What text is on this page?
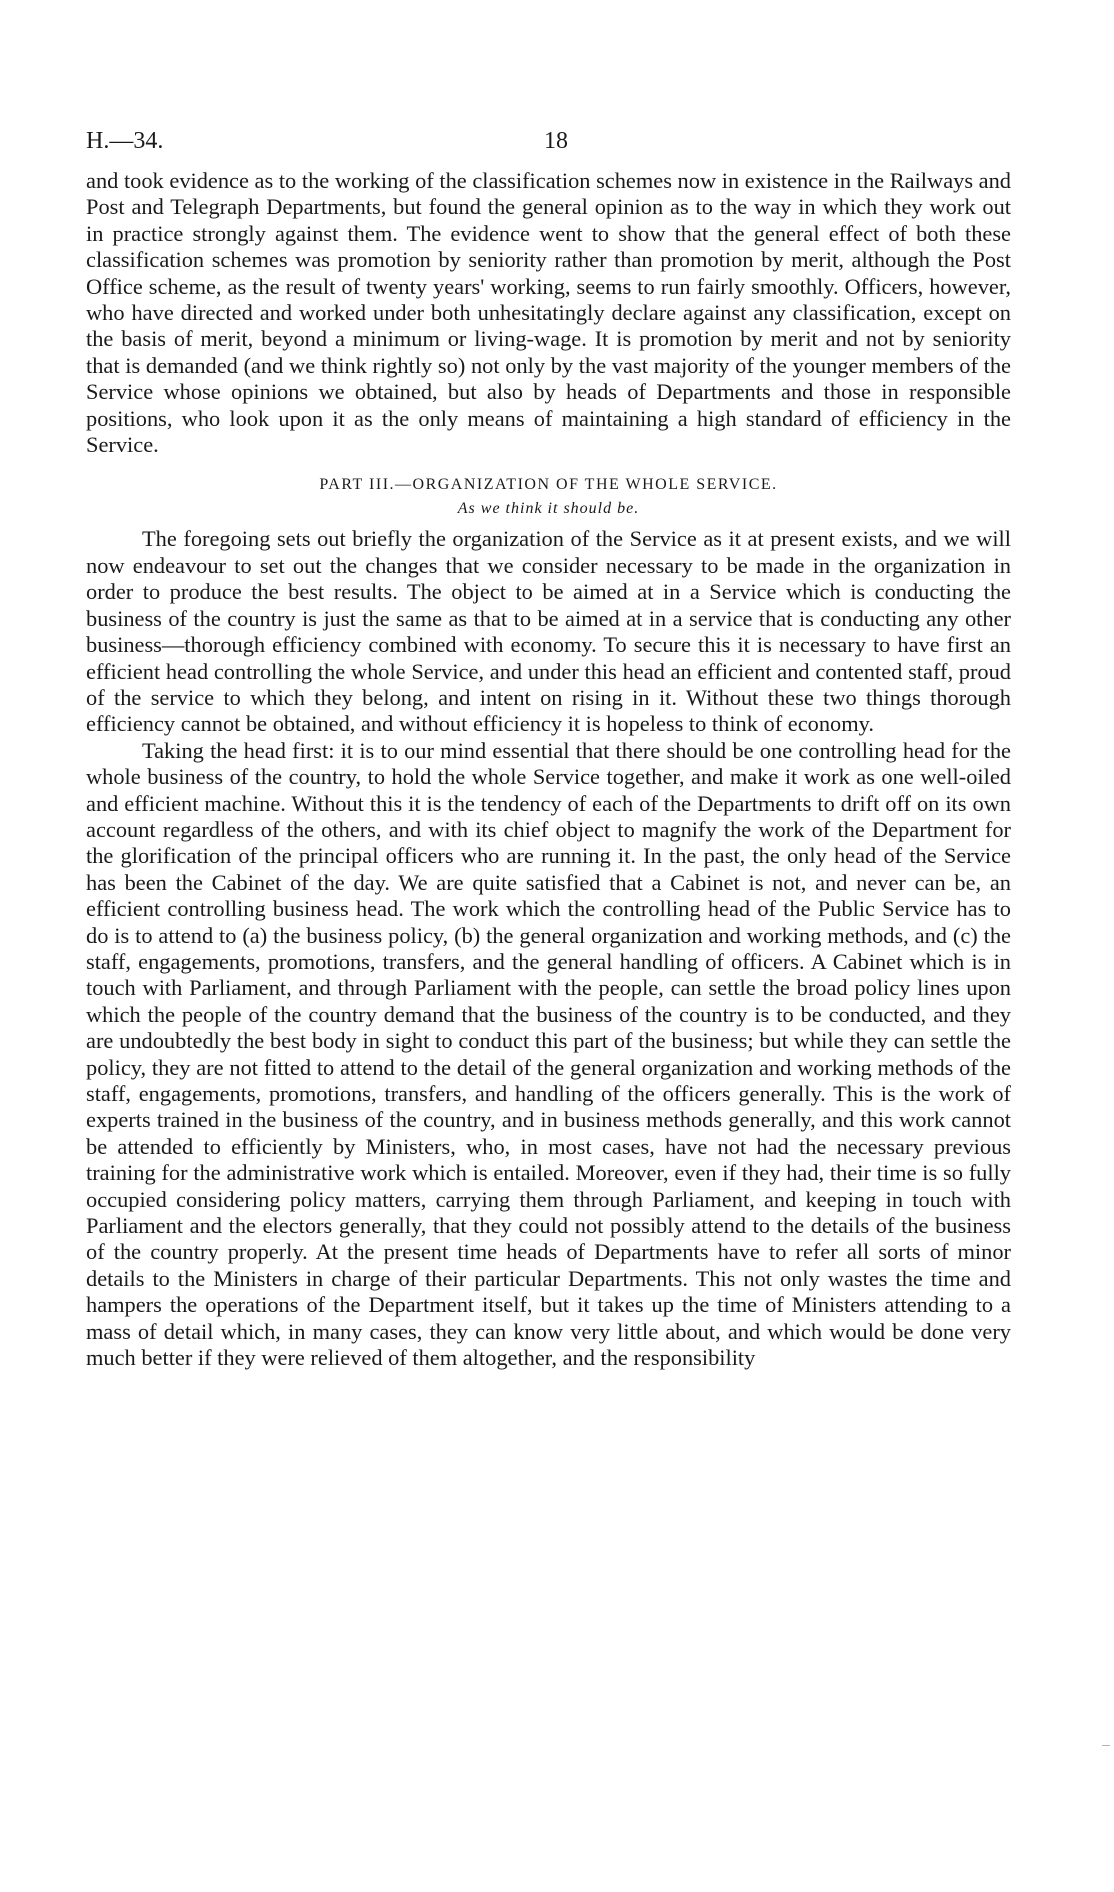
H.—34.	18

and took evidence as to the working of the classification schemes now in existence in the Railways and Post and Telegraph Departments, but found the general opinion as to the way in which they work out in practice strongly against them. The evidence went to show that the general effect of both these classification schemes was promotion by seniority rather than promotion by merit, although the Post Office scheme, as the result of twenty years' working, seems to run fairly smoothly. Officers, however, who have directed and worked under both unhesitatingly declare against any classification, except on the basis of merit, beyond a minimum or living-wage. It is promotion by merit and not by seniority that is demanded (and we think rightly so) not only by the vast majority of the younger members of the Service whose opinions we obtained, but also by heads of Departments and those in responsible positions, who look upon it as the only means of maintaining a high standard of efficiency in the Service.

PART III.—ORGANIZATION OF THE WHOLE SERVICE.
As we think it should be.

The foregoing sets out briefly the organization of the Service as it at present exists, and we will now endeavour to set out the changes that we consider necessary to be made in the organization in order to produce the best results. The object to be aimed at in a Service which is conducting the business of the country is just the same as that to be aimed at in a service that is conducting any other business—thorough efficiency combined with economy. To secure this it is necessary to have first an efficient head controlling the whole Service, and under this head an efficient and contented staff, proud of the service to which they belong, and intent on rising in it. Without these two things thorough efficiency cannot be obtained, and without efficiency it is hopeless to think of economy.

Taking the head first: it is to our mind essential that there should be one controlling head for the whole business of the country, to hold the whole Service together, and make it work as one well-oiled and efficient machine. Without this it is the tendency of each of the Departments to drift off on its own account regardless of the others, and with its chief object to magnify the work of the Department for the glorification of the principal officers who are running it. In the past, the only head of the Service has been the Cabinet of the day. We are quite satisfied that a Cabinet is not, and never can be, an efficient controlling business head. The work which the controlling head of the Public Service has to do is to attend to (a) the business policy, (b) the general organization and working methods, and (c) the staff, engagements, promotions, transfers, and the general handling of officers. A Cabinet which is in touch with Parliament, and through Parliament with the people, can settle the broad policy lines upon which the people of the country demand that the business of the country is to be conducted, and they are undoubtedly the best body in sight to conduct this part of the business; but while they can settle the policy, they are not fitted to attend to the detail of the general organization and working methods of the staff, engagements, promotions, transfers, and handling of the officers generally. This is the work of experts trained in the business of the country, and in business methods generally, and this work cannot be attended to efficiently by Ministers, who, in most cases, have not had the necessary previous training for the administrative work which is entailed. Moreover, even if they had, their time is so fully occupied considering policy matters, carrying them through Parliament, and keeping in touch with Parliament and the electors generally, that they could not possibly attend to the details of the business of the country properly. At the present time heads of Departments have to refer all sorts of minor details to the Ministers in charge of their particular Departments. This not only wastes the time and hampers the operations of the Department itself, but it takes up the time of Ministers attending to a mass of detail which, in many cases, they can know very little about, and which would be done very much better if they were relieved of them altogether, and the responsibility
